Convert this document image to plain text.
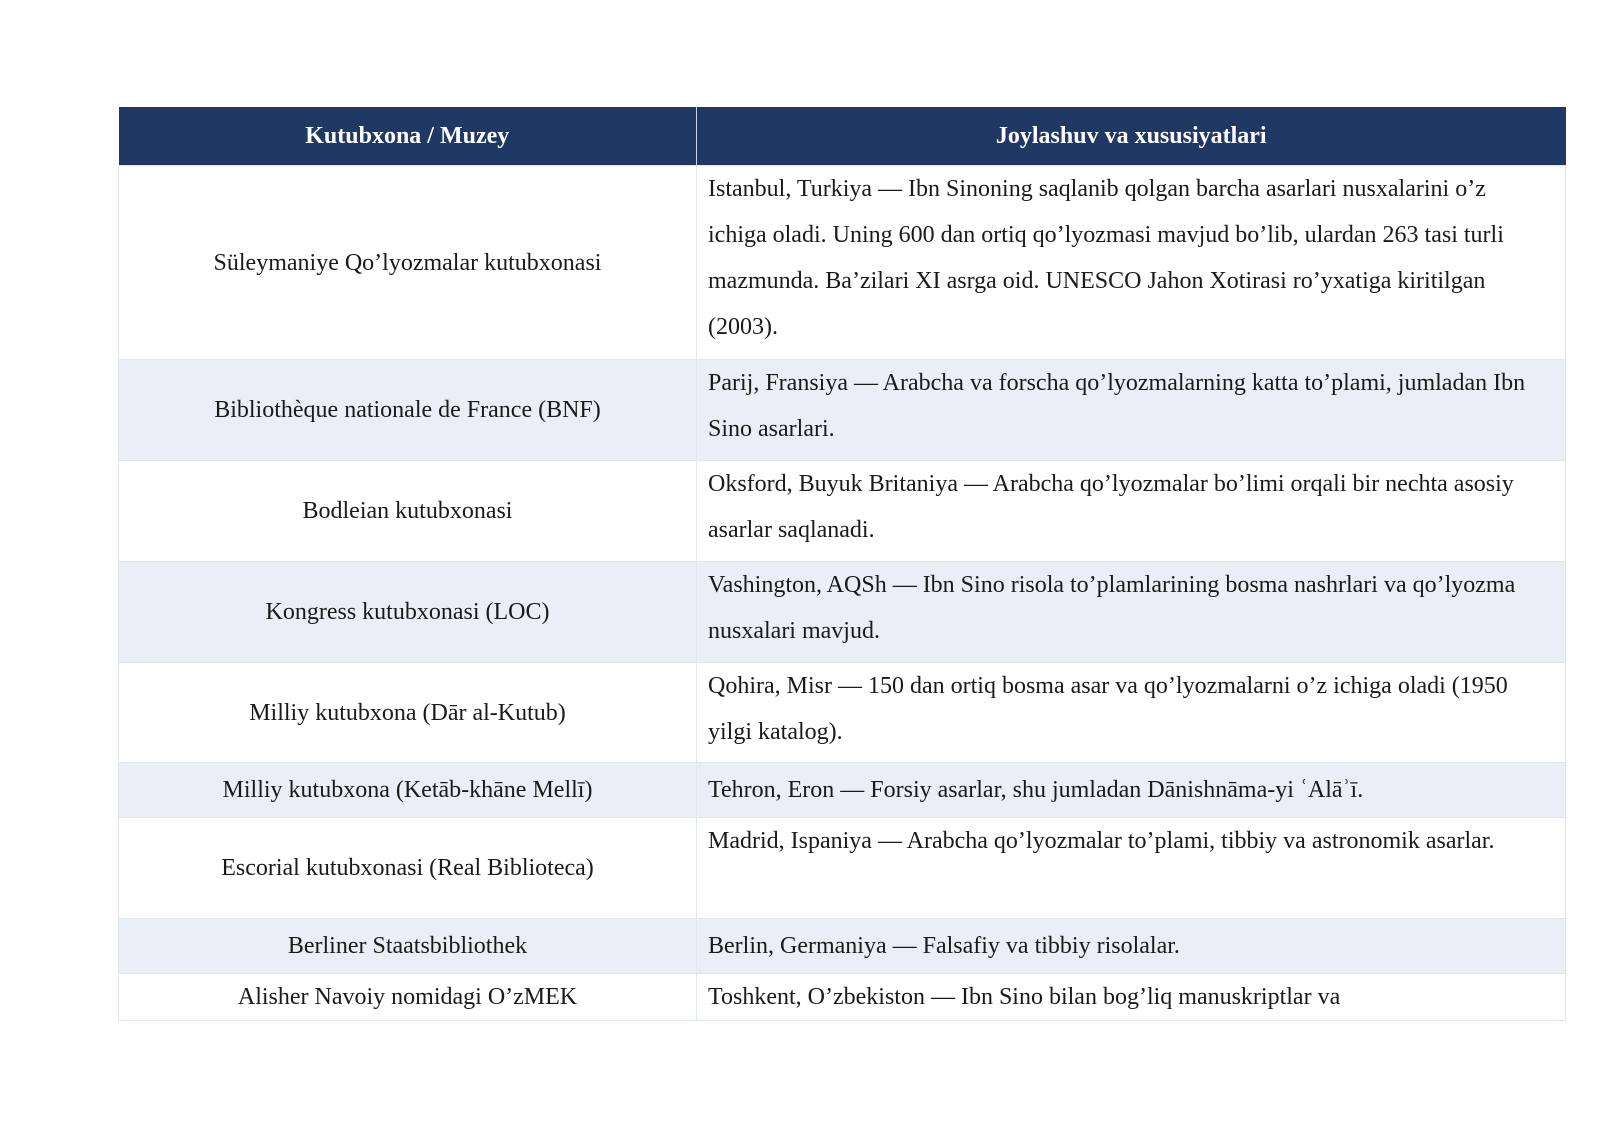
Kutubxona / Muzey	Joylashuv va xususiyatlari
Süleymaniye Qo’lyozmalar kutubxonasi	Istanbul, Turkiya — Ibn Sinoning saqlanib qolgan barcha asarlari nusxalarini o’z ichiga oladi. Uning 600 dan ortiq qo’lyozmasi mavjud bo’lib, ulardan 263 tasi turli mazmunda. Ba’zilari XI asrga oid. UNESCO Jahon Xotirasi ro’yxatiga kiritilgan (2003).
Bibliothèque nationale de France (BNF)	Parij, Fransiya — Arabcha va forscha qo’lyozmalarning katta to’plami, jumladan Ibn Sino asarlari.
Bodleian kutubxonasi	Oksford, Buyuk Britaniya — Arabcha qo’lyozmalar bo’limi orqali bir nechta asosiy asarlar saqlanadi.
Kongress kutubxonasi (LOC)	Vashington, AQSh — Ibn Sino risola to’plamlarining bosma nashrlari va qo’lyozma nusxalari mavjud.
Milliy kutubxona (Dār al-Kutub)	Qohira, Misr — 150 dan ortiq bosma asar va qo’lyozmalarni o’z ichiga oladi (1950 yilgi katalog).
Milliy kutubxona (Ketāb-khāne Mellī)	Tehron, Eron — Forsiy asarlar, shu jumladan Dānishnāma-yi ʿAlāʾī.
Escorial kutubxonasi (Real Biblioteca)	Madrid, Ispaniya — Arabcha qo’lyozmalar to’plami, tibbiy va astronomik asarlar.
Berliner Staatsbibliothek	Berlin, Germaniya — Falsafiy va tibbiy risolalar.
Alisher Navoiy nomidagi O’zMEK	Toshkent, O’zbekiston — Ibn Sino bilan bog’liq manuskriptlar va
